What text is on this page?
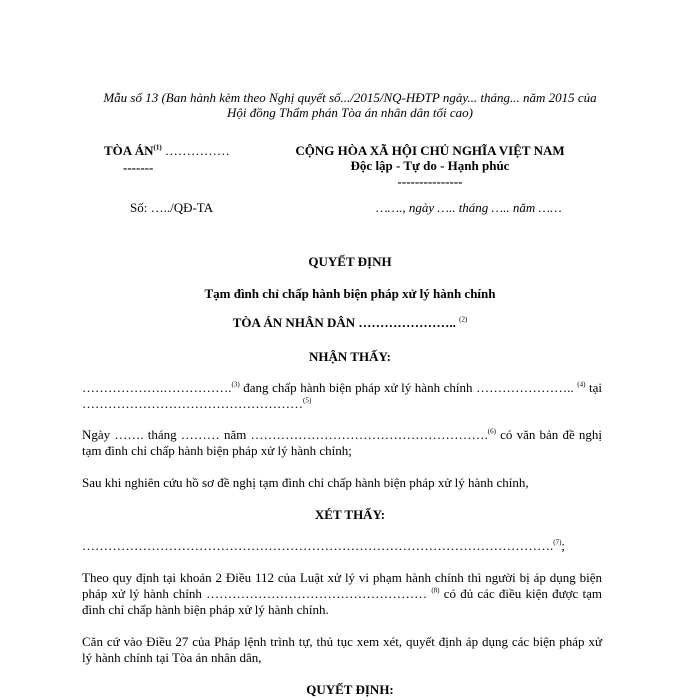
Mẫu số 13 (Ban hành kèm theo Nghị quyết số.../2015/NQ-HĐTP ngày... tháng... năm 2015 của
Hội đồng Thẩm phán Tòa án nhân dân tối cao)
TÒA ÁN$^{(1)}$ ……………
-------
CỘNG HÒA XÃ HỘI CHỦ NGHĨA VIỆT NAM
Độc lập - Tự do - Hạnh phúc
---------------
Số: …../QĐ-TA	……., ngày ….. tháng ….. năm ……
QUYẾT ĐỊNH
Tạm đình chỉ chấp hành biện pháp xử lý hành chính
TÒA ÁN NHÂN DÂN ………………….. $^{(2)}$
NHẬN THẤY:
……………….…………….$^{(3)}$ đang chấp hành biện pháp xử lý hành chính ………………….. $^{(4)}$ tại ……………………………………………$^{(5)}$
Ngày ……. tháng ……… năm ……………………………………………….$^{(6)}$ có văn bản đề nghị tạm đình chỉ chấp hành biện pháp xử lý hành chính;
Sau khi nghiên cứu hồ sơ đề nghị tạm đình chỉ chấp hành biện pháp xử lý hành chính,
XÉT THẤY:
……………………………………………………………………………………………….$^{(7)}$;
Theo quy định tại khoản 2 Điều 112 của Luật xử lý vi phạm hành chính thì người bị áp dụng biện pháp xử lý hành chính …………………………………………… $^{(8)}$ có đủ các điều kiện được tạm đình chỉ chấp hành biện pháp xử lý hành chính.
Căn cứ vào Điều 27 của Pháp lệnh trình tự, thủ tục xem xét, quyết định áp dụng các biện pháp xử lý hành chính tại Tòa án nhân dân,
QUYẾT ĐỊNH:
